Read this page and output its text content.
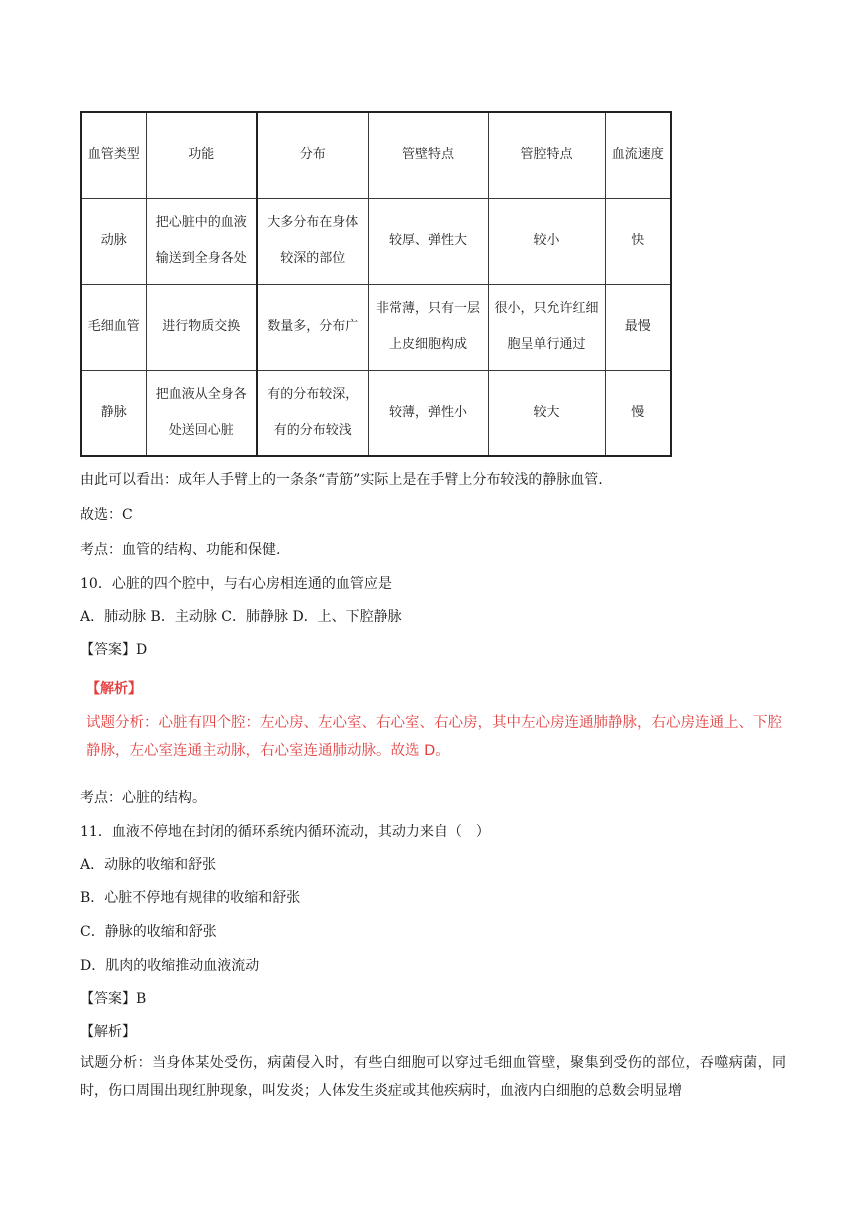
血管类型	功能	分布	管壁特点	管腔特点	血流速度
动脉	把心脏中的血液输送到全身各处	大多分布在身体较深的部位	较厚、弹性大	较小	快
毛细血管	进行物质交换	数量多，分布广	非常薄，只有一层上皮细胞构成	很小，只允许红细胞呈单行通过	最慢
静脉	把血液从全身各处送回心脏	有的分布较深，有的分布较浅	较薄，弹性小	较大	慢
由此可以看出：成年人手臂上的一条条“青筋”实际上是在手臂上分布较浅的静脉血管.
故选：C
考点：血管的结构、功能和保健.
10．心脏的四个腔中，与右心房相连通的血管应是
A．肺动脉 B．主动脉 C．肺静脉 D．上、下腔静脉
【答案】D
【解析】
试题分析：心脏有四个腔：左心房、左心室、右心室、右心房，其中左心房连通肺静脉，右心房连通上、下腔静脉，左心室连通主动脉，右心室连通肺动脉。故选 D。
考点：心脏的结构。
11．血液不停地在封闭的循环系统内循环流动，其动力来自（　）
A．动脉的收缩和舒张
B．心脏不停地有规律的收缩和舒张
C．静脉的收缩和舒张
D．肌肉的收缩推动血液流动
【答案】B
【解析】
试题分析：当身体某处受伤，病菌侵入时，有些白细胞可以穿过毛细血管壁，聚集到受伤的部位，吞噬病菌，同时，伤口周围出现红肿现象，叫发炎；人体发生炎症或其他疾病时，血液内白细胞的总数会明显增
